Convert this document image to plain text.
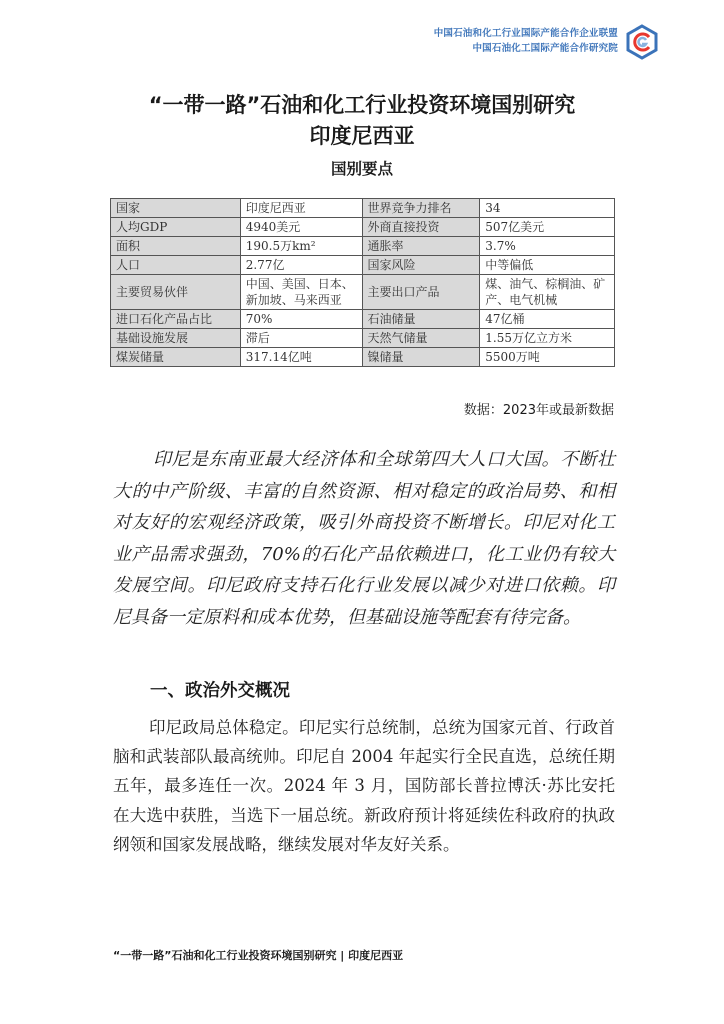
中国石油和化工行业国际产能合作企业联盟
中国石油化工国际产能合作研究院
“一带一路”石油和化工行业投资环境国别研究
印度尼西亚
国别要点
国家	印度尼西亚	世界竞争力排名	34
人均GDP	4940美元	外商直接投资	507亿美元
面积	190.5万km²	通胀率	3.7%
人口	2.77亿	国家风险	中等偏低
主要贸易伙伴	中国、美国、日本、新加坡、马来西亚	主要出口产品	煤、油气、棕榈油、矿产、电气机械
进口石化产品占比	70%	石油储量	47亿桶
基础设施发展	滞后	天然气储量	1.55万亿立方米
煤炭储量	317.14亿吨	镍储量	5500万吨
数据：2023年或最新数据
印尼是东南亚最大经济体和全球第四大人口大国。不断壮大的中产阶级、丰富的自然资源、相对稳定的政治局势、和相对友好的宏观经济政策，吸引外商投资不断增长。印尼对化工业产品需求强劲，70%的石化产品依赖进口，化工业仍有较大发展空间。印尼政府支持石化行业发展以减少对进口依赖。印尼具备一定原料和成本优势，但基础设施等配套有待完备。
一、政治外交概况
印尼政局总体稳定。印尼实行总统制，总统为国家元首、行政首脑和武装部队最高统帅。印尼自 2004 年起实行全民直选，总统任期五年，最多连任一次。2024 年 3 月，国防部长普拉博沃·苏比安托在大选中获胜，当选下一届总统。新政府预计将延续佐科政府的执政纲领和国家发展战略，继续发展对华友好关系。
“一带一路”石油和化工行业投资环境国别研究 | 印度尼西亚
